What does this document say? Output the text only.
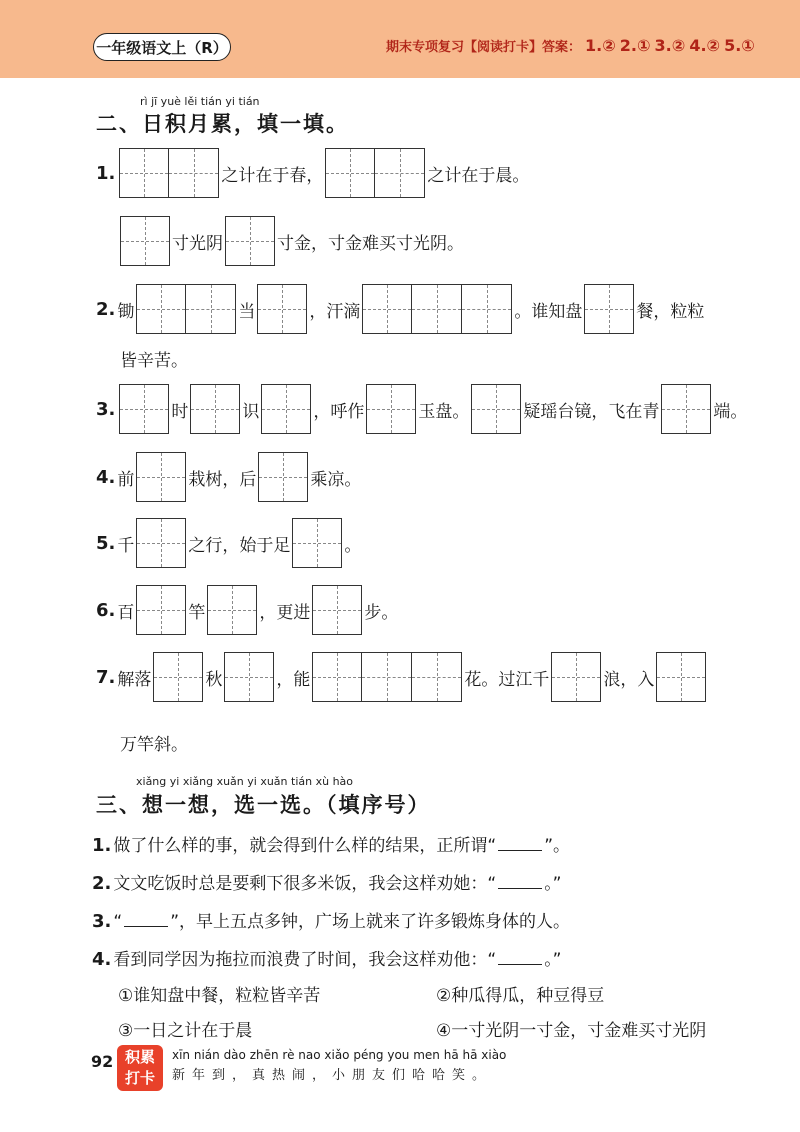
一年级语文上（R）	期末专项复习【阅读打卡】答案： 1.② 2.① 3.② 4.② 5.①
rì jī yuè lěi tián yi tián
二、日积月累，填一填。
1.	之计在于春，	之计在于晨。
寸光阴	寸金，寸金难买寸光阴。
2. 锄	当	，汗滴	。谁知盘	餐，粒粒
皆辛苦。
3.	时	识	，呼作	玉盘。	疑瑶台镜，飞在青	端。
4. 前	栽树，后	乘凉。
5. 千	之行，始于足	。
6. 百	竿	，更进	步。
7. 解落	秋	，能	花。过江千	浪，入
万竿斜。
xiǎng yi xiǎng xuǎn yi xuǎn tián xù hào
三、想一想，选一选。（填序号）
1. 做了什么样的事，就会得到什么样的结果，正所谓“	”。
2. 文文吃饭时总是要剩下很多米饭，我会这样劝她：“	。”
3. “	”，早上五点多钟，广场上就来了许多锻炼身体的人。
4. 看到同学因为拖拉而浪费了时间，我会这样劝他：“	。”
①谁知盘中餐，粒粒皆辛苦	②种瓜得瓜，种豆得豆
③一日之计在于晨	④一寸光阴一寸金，寸金难买寸光阴
92 积累打卡
xīn nián dào zhēn rè nao xiǎo péng you men hā hā xiào
新年到，真热闹，小朋友们哈哈笑。
